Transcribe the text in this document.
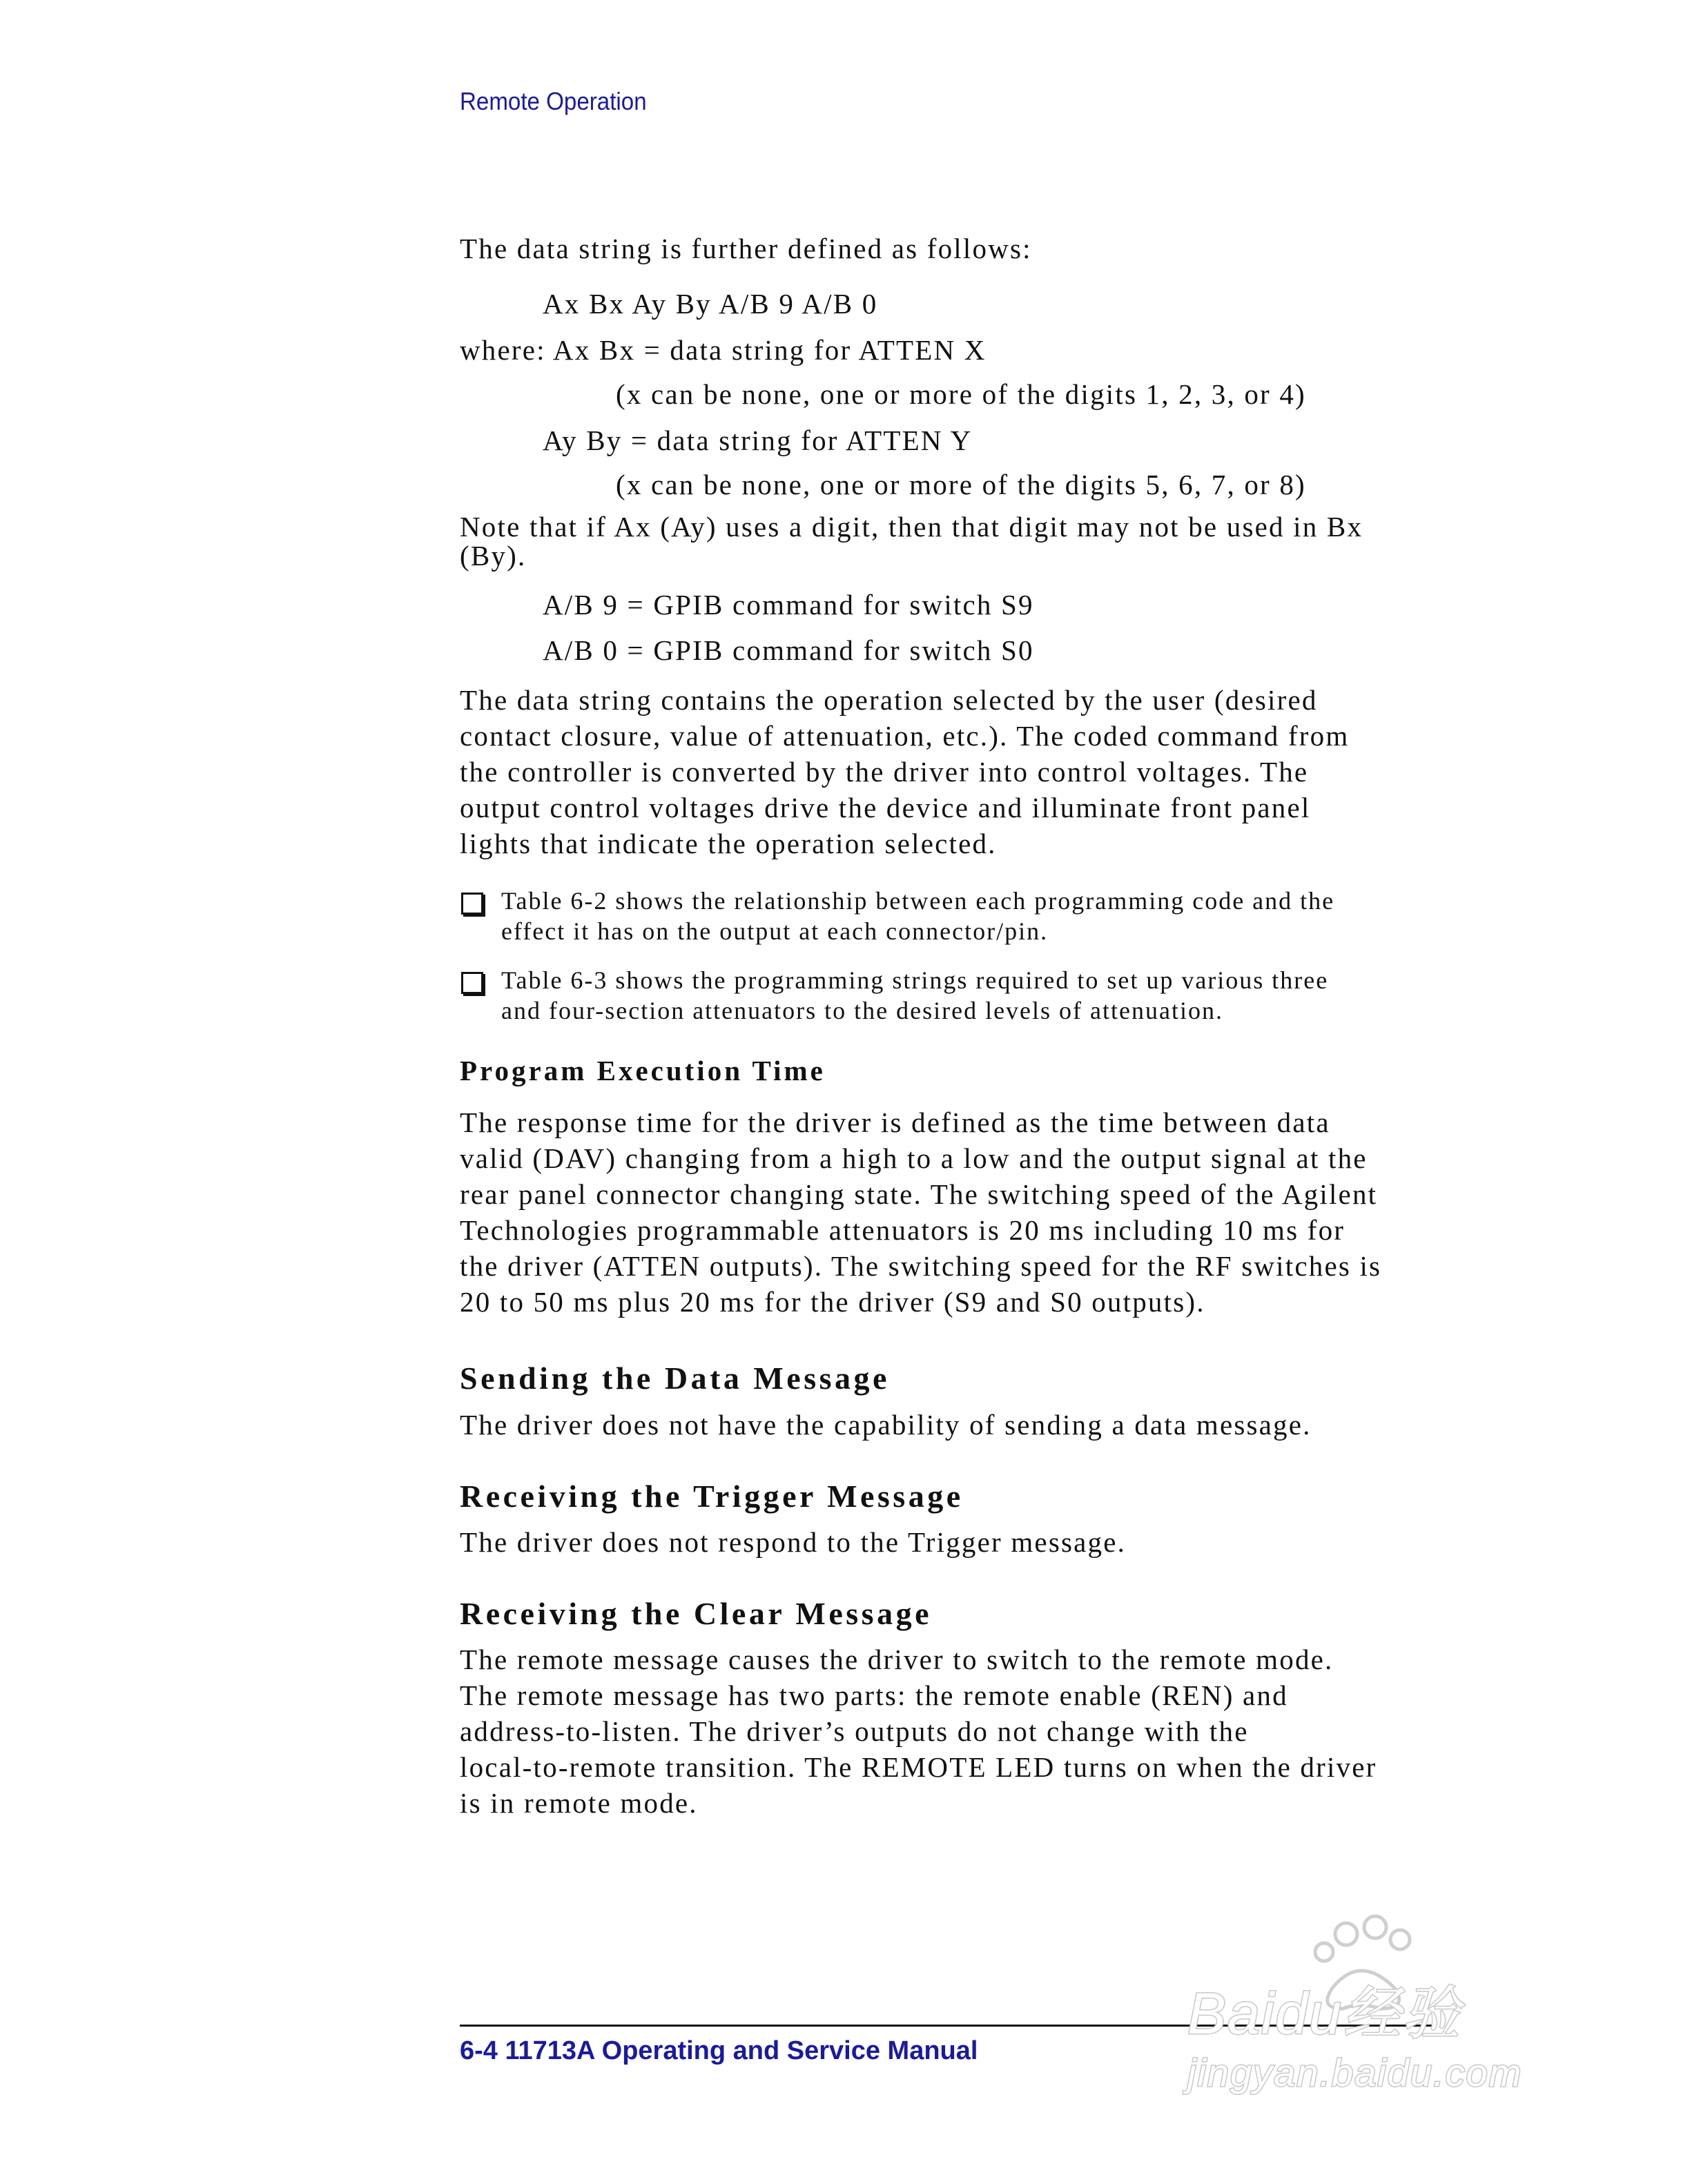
Remote Operation
The data string is further defined as follows:
Ax Bx Ay By A/B 9 A/B 0
where: Ax Bx = data string for ATTEN X
(x can be none, one or more of the digits 1, 2, 3, or 4)
Ay By = data string for ATTEN Y
(x can be none, one or more of the digits 5, 6, 7, or 8)
Note that if Ax (Ay) uses a digit, then that digit may not be used in Bx
(By).
A/B 9 = GPIB command for switch S9
A/B 0 = GPIB command for switch S0
The data string contains the operation selected by the user (desired
contact closure, value of attenuation, etc.). The coded command from
the controller is converted by the driver into control voltages. The
output control voltages drive the device and illuminate front panel
lights that indicate the operation selected.
Table 6-2 shows the relationship between each programming code and the
effect it has on the output at each connector/pin.
Table 6-3 shows the programming strings required to set up various three
and four-section attenuators to the desired levels of attenuation.
Program Execution Time
The response time for the driver is defined as the time between data
valid (DAV) changing from a high to a low and the output signal at the
rear panel connector changing state. The switching speed of the Agilent
Technologies programmable attenuators is 20 ms including 10 ms for
the driver (ATTEN outputs). The switching speed for the RF switches is
20 to 50 ms plus 20 ms for the driver (S9 and S0 outputs).
Sending the Data Message
The driver does not have the capability of sending a data message.
Receiving the Trigger Message
The driver does not respond to the Trigger message.
Receiving the Clear Message
The remote message causes the driver to switch to the remote mode.
The remote message has two parts: the remote enable (REN) and
address-to-listen. The driver’s outputs do not change with the
local-to-remote transition. The REMOTE LED turns on when the driver
is in remote mode.
6-4 11713A Operating and Service Manual
Baidu经验
jingyan.baidu.com
